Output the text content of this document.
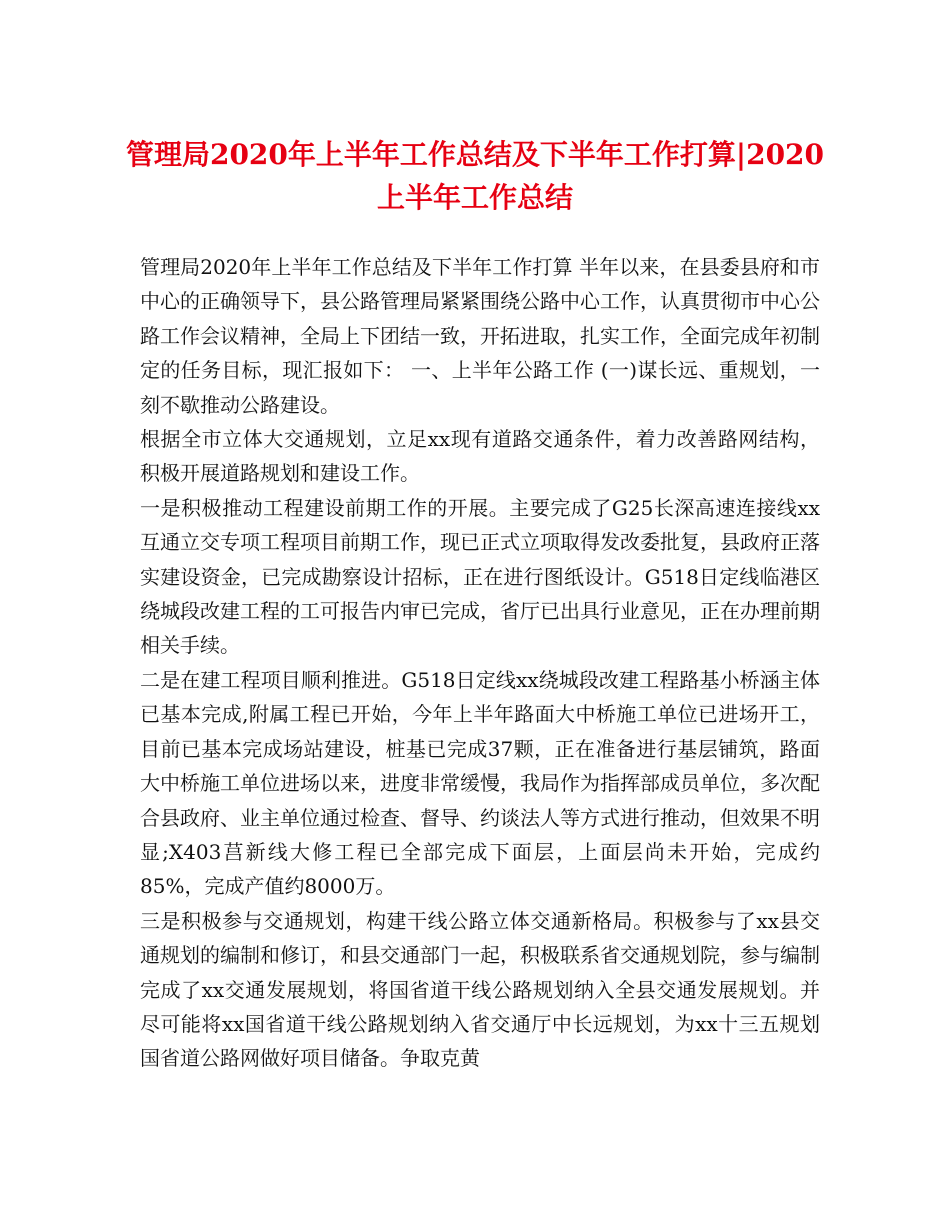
管理局2020年上半年工作总结及下半年工作打算|2020
上半年工作总结

管理局2020年上半年工作总结及下半年工作打算 半年以来，在县委县府和市中心的正确领导下，县公路管理局紧紧围绕公路中心工作，认真贯彻市中心公路工作会议精神，全局上下团结一致，开拓进取，扎实工作，全面完成年初制定的任务目标，现汇报如下： 一、上半年公路工作 (一)谋长远、重规划，一刻不歇推动公路建设。

根据全市立体大交通规划，立足xx现有道路交通条件，着力改善路网结构，积极开展道路规划和建设工作。

一是积极推动工程建设前期工作的开展。主要完成了G25长深高速连接线xx互通立交专项工程项目前期工作，现已正式立项取得发改委批复，县政府正落实建设资金，已完成勘察设计招标，正在进行图纸设计。G518日定线临港区绕城段改建工程的工可报告内审已完成，省厅已出具行业意见，正在办理前期相关手续。

二是在建工程项目顺利推进。G518日定线xx绕城段改建工程路基小桥涵主体已基本完成,附属工程已开始，今年上半年路面大中桥施工单位已进场开工，目前已基本完成场站建设，桩基已完成37颗，正在准备进行基层铺筑，路面大中桥施工单位进场以来，进度非常缓慢，我局作为指挥部成员单位，多次配合县政府、业主单位通过检查、督导、约谈法人等方式进行推动，但效果不明显;X403莒新线大修工程已全部完成下面层，上面层尚未开始，完成约85%，完成产值约8000万。

三是积极参与交通规划，构建干线公路立体交通新格局。积极参与了xx县交通规划的编制和修订，和县交通部门一起，积极联系省交通规划院，参与编制完成了xx交通发展规划，将国省道干线公路规划纳入全县交通发展规划。并尽可能将xx国省道干线公路规划纳入省交通厅中长远规划，为xx十三五规划国省道公路网做好项目储备。争取克黄
